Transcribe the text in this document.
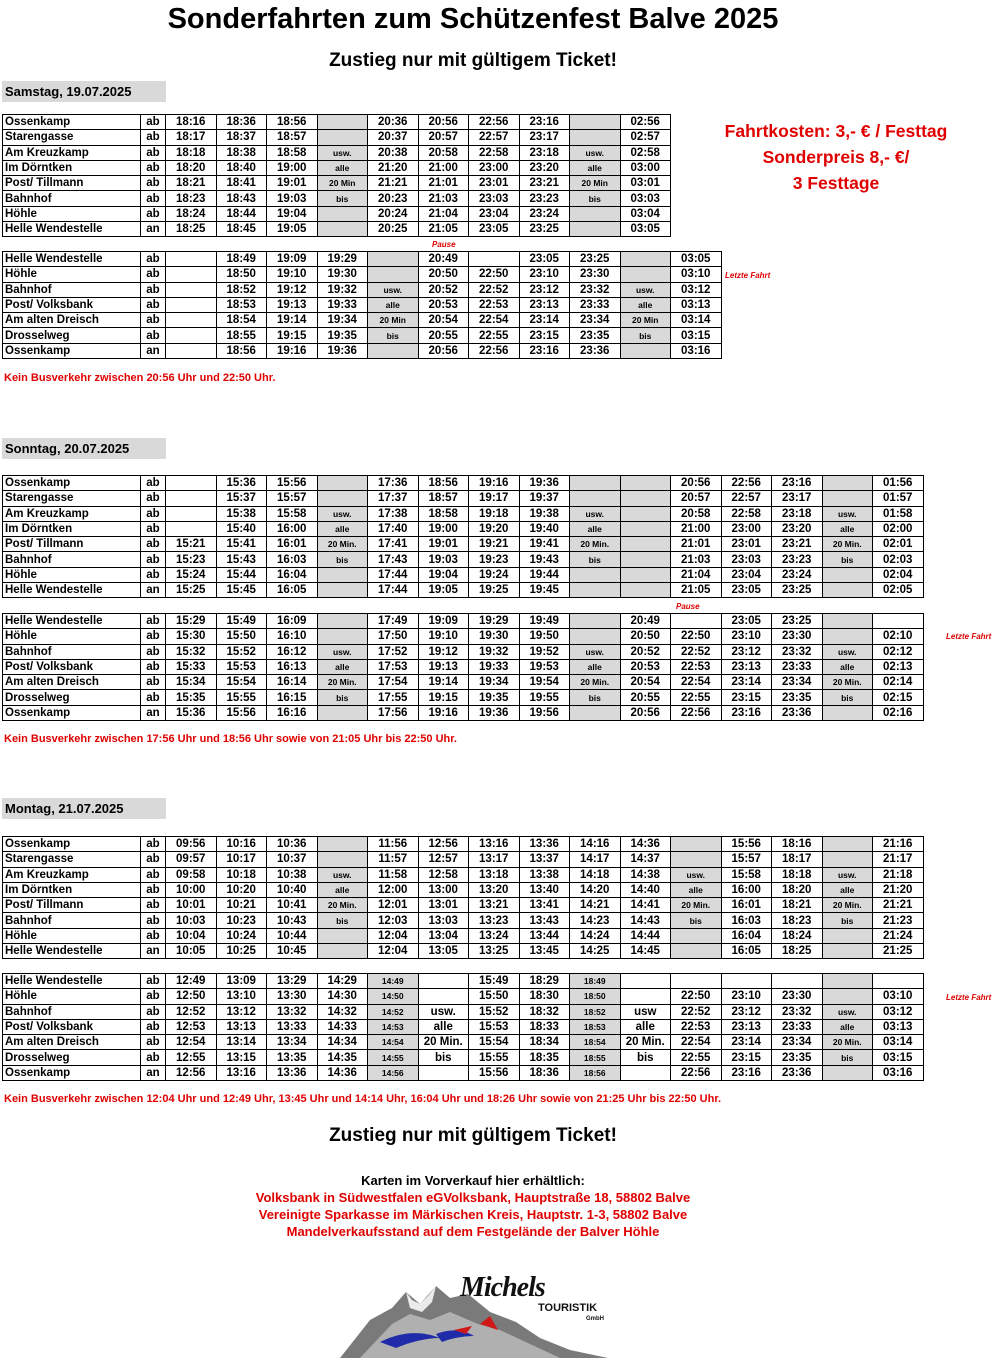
Sonderfahrten zum Schützenfest Balve 2025
Zustieg nur mit gültigem Ticket!
Fahrtkosten: 3,- € / Festtag
Sonderpreis 8,- €/
3 Festtage
Samstag, 19.07.2025
Ossenkamp	ab	18:16	18:36	18:56		20:36	20:56	22:56	23:16		02:56
Starengasse	ab	18:17	18:37	18:57		20:37	20:57	22:57	23:17		02:57
Am Kreuzkamp	ab	18:18	18:38	18:58	usw.	20:38	20:58	22:58	23:18	usw.	02:58
Im Dörntken	ab	18:20	18:40	19:00	alle	21:20	21:00	23:00	23:20	alle	03:00
Post/ Tillmann	ab	18:21	18:41	19:01	20 Min	21:21	21:01	23:01	23:21	20 Min	03:01
Bahnhof	ab	18:23	18:43	19:03	bis	20:23	21:03	23:03	23:23	bis	03:03
Höhle	ab	18:24	18:44	19:04		20:24	21:04	23:04	23:24		03:04
Helle Wendestelle	an	18:25	18:45	19:05		20:25	21:05	23:05	23:25		03:05
Pause
Helle Wendestelle	ab		18:49	19:09	19:29		20:49		23:05	23:25		03:05
Höhle	ab		18:50	19:10	19:30		20:50	22:50	23:10	23:30		03:10
Bahnhof	ab		18:52	19:12	19:32	usw.	20:52	22:52	23:12	23:32	usw.	03:12
Post/ Volksbank	ab		18:53	19:13	19:33	alle	20:53	22:53	23:13	23:33	alle	03:13
Am alten Dreisch	ab		18:54	19:14	19:34	20 Min	20:54	22:54	23:14	23:34	20 Min	03:14
Drosselweg	ab		18:55	19:15	19:35	bis	20:55	22:55	23:15	23:35	bis	03:15
Ossenkamp	an		18:56	19:16	19:36		20:56	22:56	23:16	23:36		03:16
Letzte Fahrt
Kein Busverkehr zwischen 20:56 Uhr und 22:50 Uhr.
Sonntag, 20.07.2025
Ossenkamp	ab		15:36	15:56		17:36	18:56	19:16	19:36			20:56	22:56	23:16		01:56
Starengasse	ab		15:37	15:57		17:37	18:57	19:17	19:37			20:57	22:57	23:17		01:57
Am Kreuzkamp	ab		15:38	15:58	usw.	17:38	18:58	19:18	19:38	usw.		20:58	22:58	23:18	usw.	01:58
Im Dörntken	ab		15:40	16:00	alle	17:40	19:00	19:20	19:40	alle		21:00	23:00	23:20	alle	02:00
Post/ Tillmann	ab	15:21	15:41	16:01	20 Min.	17:41	19:01	19:21	19:41	20 Min.		21:01	23:01	23:21	20 Min.	02:01
Bahnhof	ab	15:23	15:43	16:03	bis	17:43	19:03	19:23	19:43	bis		21:03	23:03	23:23	bis	02:03
Höhle	ab	15:24	15:44	16:04		17:44	19:04	19:24	19:44			21:04	23:04	23:24		02:04
Helle Wendestelle	an	15:25	15:45	16:05		17:44	19:05	19:25	19:45			21:05	23:05	23:25		02:05
Pause
Helle Wendestelle	ab	15:29	15:49	16:09		17:49	19:09	19:29	19:49		20:49		23:05	23:25		
Höhle	ab	15:30	15:50	16:10		17:50	19:10	19:30	19:50		20:50	22:50	23:10	23:30		02:10
Bahnhof	ab	15:32	15:52	16:12	usw.	17:52	19:12	19:32	19:52	usw.	20:52	22:52	23:12	23:32	usw.	02:12
Post/ Volksbank	ab	15:33	15:53	16:13	alle	17:53	19:13	19:33	19:53	alle	20:53	22:53	23:13	23:33	alle	02:13
Am alten Dreisch	ab	15:34	15:54	16:14	20 Min.	17:54	19:14	19:34	19:54	20 Min.	20:54	22:54	23:14	23:34	20 Min.	02:14
Drosselweg	ab	15:35	15:55	16:15	bis	17:55	19:15	19:35	19:55	bis	20:55	22:55	23:15	23:35	bis	02:15
Ossenkamp	an	15:36	15:56	16:16		17:56	19:16	19:36	19:56		20:56	22:56	23:16	23:36		02:16
Letzte Fahrt
Kein Busverkehr zwischen 17:56 Uhr und 18:56 Uhr sowie von 21:05 Uhr bis 22:50 Uhr.
Montag, 21.07.2025
Ossenkamp	ab	09:56	10:16	10:36		11:56	12:56	13:16	13:36	14:16	14:36		15:56	18:16		21:16
Starengasse	ab	09:57	10:17	10:37		11:57	12:57	13:17	13:37	14:17	14:37		15:57	18:17		21:17
Am Kreuzkamp	ab	09:58	10:18	10:38	usw.	11:58	12:58	13:18	13:38	14:18	14:38	usw.	15:58	18:18	usw.	21:18
Im Dörntken	ab	10:00	10:20	10:40	alle	12:00	13:00	13:20	13:40	14:20	14:40	alle	16:00	18:20	alle	21:20
Post/ Tillmann	ab	10:01	10:21	10:41	20 Min.	12:01	13:01	13:21	13:41	14:21	14:41	20 Min.	16:01	18:21	20 Min.	21:21
Bahnhof	ab	10:03	10:23	10:43	bis	12:03	13:03	13:23	13:43	14:23	14:43	bis	16:03	18:23	bis	21:23
Höhle	ab	10:04	10:24	10:44		12:04	13:04	13:24	13:44	14:24	14:44		16:04	18:24		21:24
Helle Wendestelle	an	10:05	10:25	10:45		12:04	13:05	13:25	13:45	14:25	14:45		16:05	18:25		21:25
Helle Wendestelle	ab	12:49	13:09	13:29	14:29	14:49		15:49	18:29	18:49						
Höhle	ab	12:50	13:10	13:30	14:30	14:50		15:50	18:30	18:50		22:50	23:10	23:30		03:10
Bahnhof	ab	12:52	13:12	13:32	14:32	14:52	usw.	15:52	18:32	18:52	usw	22:52	23:12	23:32	usw.	03:12
Post/ Volksbank	ab	12:53	13:13	13:33	14:33	14:53	alle	15:53	18:33	18:53	alle	22:53	23:13	23:33	alle	03:13
Am alten Dreisch	ab	12:54	13:14	13:34	14:34	14:54	20 Min.	15:54	18:34	18:54	20 Min.	22:54	23:14	23:34	20 Min.	03:14
Drosselweg	ab	12:55	13:15	13:35	14:35	14:55	bis	15:55	18:35	18:55	bis	22:55	23:15	23:35	bis	03:15
Ossenkamp	an	12:56	13:16	13:36	14:36	14:56		15:56	18:36	18:56		22:56	23:16	23:36		03:16
Letzte Fahrt
Kein Busverkehr zwischen 12:04 Uhr und 12:49 Uhr, 13:45 Uhr und 14:14 Uhr, 16:04 Uhr und 18:26 Uhr sowie von 21:25 Uhr bis 22:50 Uhr.
Zustieg nur mit gültigem Ticket!
Karten im Vorverkauf hier erhältlich:
Volksbank in Südwestfalen eGVolksbank, Hauptstraße 18, 58802 Balve
Vereinigte Sparkasse im Märkischen Kreis, Hauptstr. 1-3, 58802 Balve
Mandelverkaufsstand auf dem Festgelände der Balver Höhle
Michels
TOURISTIK
GmbH
